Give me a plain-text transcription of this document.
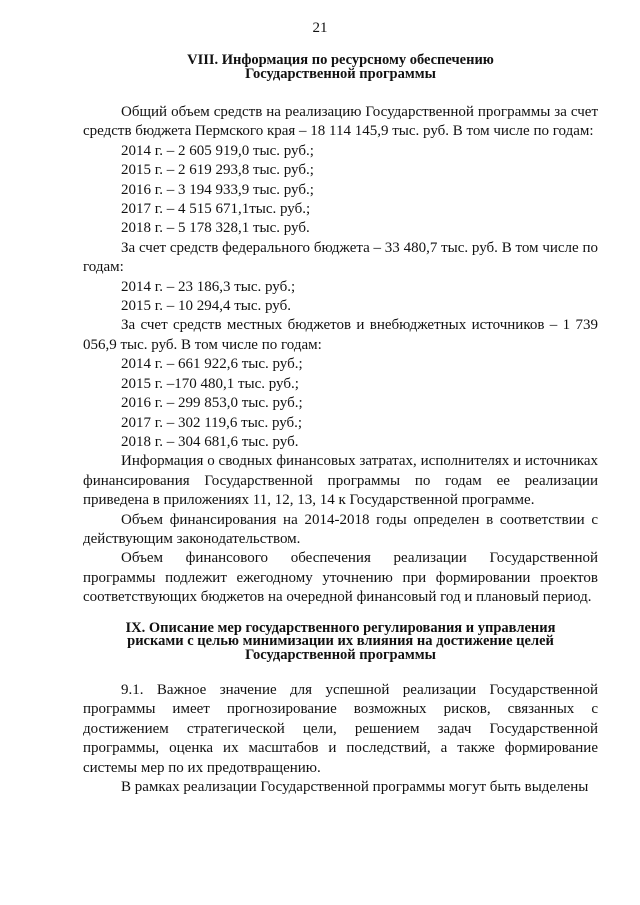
21
VIII. Информация по ресурсному обеспечению
Государственной программы

Общий объем средств на реализацию Государственной программы за счет средств бюджета Пермского края – 18 114 145,9 тыс. руб. В том числе по годам:

2014 г. – 2 605 919,0 тыс. руб.;

2015 г. – 2 619 293,8 тыс. руб.;

2016 г. – 3 194 933,9 тыс. руб.;

2017 г. – 4 515 671,1тыс. руб.;

2018 г. – 5 178 328,1 тыс. руб.

За счет средств федерального бюджета – 33 480,7 тыс. руб. В том числе по годам:

2014 г. – 23 186,3 тыс. руб.;

2015 г. – 10 294,4 тыс. руб.

За счет средств местных бюджетов и внебюджетных источников – 1 739 056,9 тыс. руб. В том числе по годам:

2014 г. – 661 922,6 тыс. руб.;

2015 г. –170 480,1 тыс. руб.;

2016 г. – 299 853,0 тыс. руб.;

2017 г. – 302 119,6 тыс. руб.;

2018 г. – 304 681,6 тыс. руб.

Информация о сводных финансовых затратах, исполнителях и источниках финансирования Государственной программы по годам ее реализации приведена в приложениях 11, 12, 13, 14 к Государственной программе.

Объем финансирования на 2014-2018 годы определен в соответствии с действующим законодательством.

Объем финансового обеспечения реализации Государственной программы подлежит ежегодному уточнению при формировании проектов соответствующих бюджетов на очередной финансовый год и плановый период.

IX. Описание мер государственного регулирования и управления
рисками с целью минимизации их влияния на достижение целей
Государственной программы

9.1. Важное значение для успешной реализации Государственной программы имеет прогнозирование возможных рисков, связанных с достижением стратегической цели, решением задач Государственной программы, оценка их масштабов и последствий, а также формирование системы мер по их предотвращению.

В рамках реализации Государственной программы могут быть выделены
